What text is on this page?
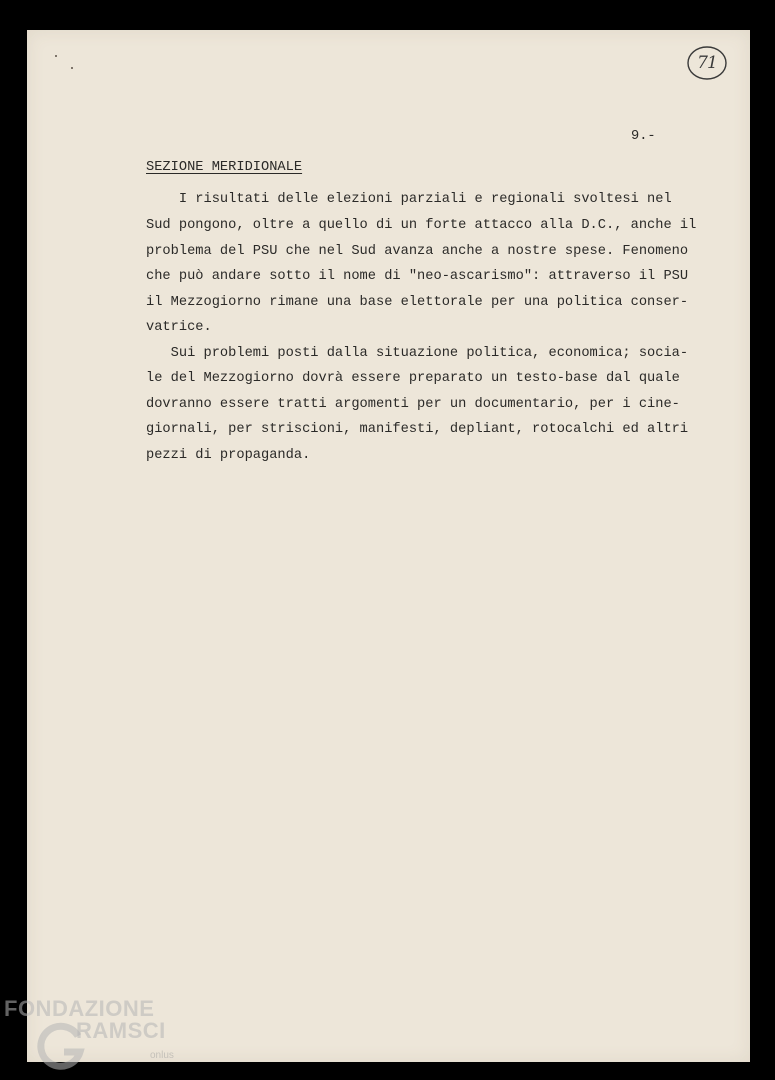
71
9.-
SEZIONE MERIDIONALE
I risultati delle elezioni parziali e regionali svoltesi nel
Sud pongono, oltre a quello di un forte attacco alla D.C., anche il
problema del PSU che nel Sud avanza anche a nostre spese. Fenomeno
che può andare sotto il nome di "neo-ascarismo": attraverso il PSU
il Mezzogiorno rimane una base elettorale per una politica conser-
vatrice.
Sui problemi posti dalla situazione politica, economica; socia-
le del Mezzogiorno dovrà essere preparato un testo-base dal quale
dovranno essere tratti argomenti per un documentario, per i cine-
giornali, per striscioni, manifesti, depliant, rotocalchi ed altri
pezzi di propaganda.
FONDAZIONE
RAMSCI
onlus
